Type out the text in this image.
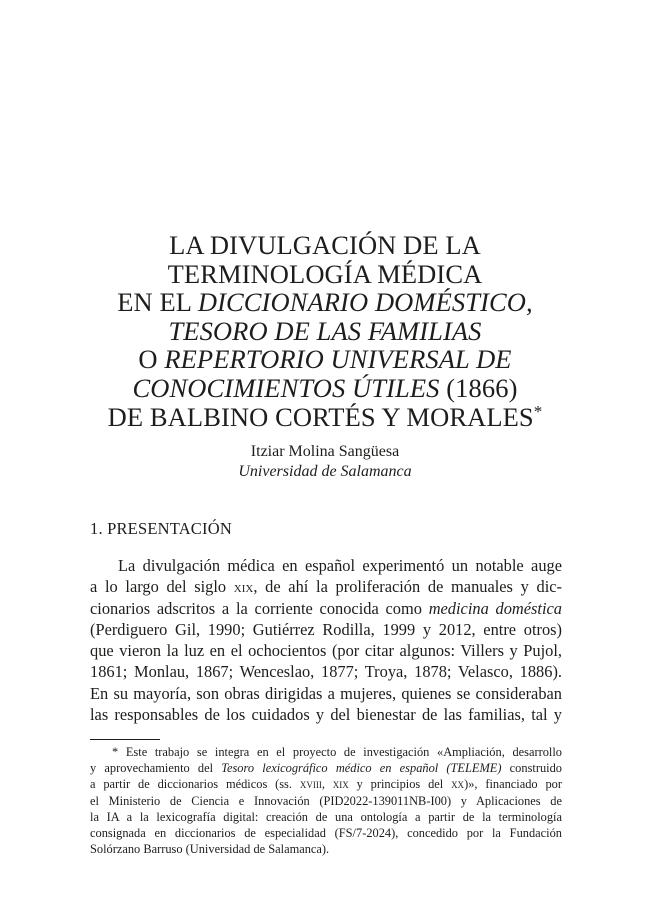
LA DIVULGACIÓN DE LA
TERMINOLOGÍA MÉDICA
EN EL DICCIONARIO DOMÉSTICO,
TESORO DE LAS FAMILIAS
O REPERTORIO UNIVERSAL DE
CONOCIMIENTOS ÚTILES (1866)
DE BALBINO CORTÉS Y MORALES*
Itziar Molina Sangüesa
Universidad de Salamanca
1. PRESENTACIÓN
La divulgación médica en español experimentó un notable auge
a lo largo del siglo xix, de ahí la proliferación de manuales y dic-
cionarios adscritos a la corriente conocida como medicina doméstica
(Perdiguero Gil, 1990; Gutiérrez Rodilla, 1999 y 2012, entre otros)
que vieron la luz en el ochocientos (por citar algunos: Villers y Pujol,
1861; Monlau, 1867; Wenceslao, 1877; Troya, 1878; Velasco, 1886).
En su mayoría, son obras dirigidas a mujeres, quienes se consideraban
las responsables de los cuidados y del bienestar de las familias, tal y
* Este trabajo se integra en el proyecto de investigación «Ampliación, desarrollo
y aprovechamiento del Tesoro lexicográfico médico en español (TELEME) construido
a partir de diccionarios médicos (ss. xviii, xix y principios del xx)», financiado por
el Ministerio de Ciencia e Innovación (PID2022-139011NB-I00) y Aplicaciones de
la IA a la lexicografía digital: creación de una ontología a partir de la terminología
consignada en diccionarios de especialidad (FS/7-2024), concedido por la Fundación
Solórzano Barruso (Universidad de Salamanca).
